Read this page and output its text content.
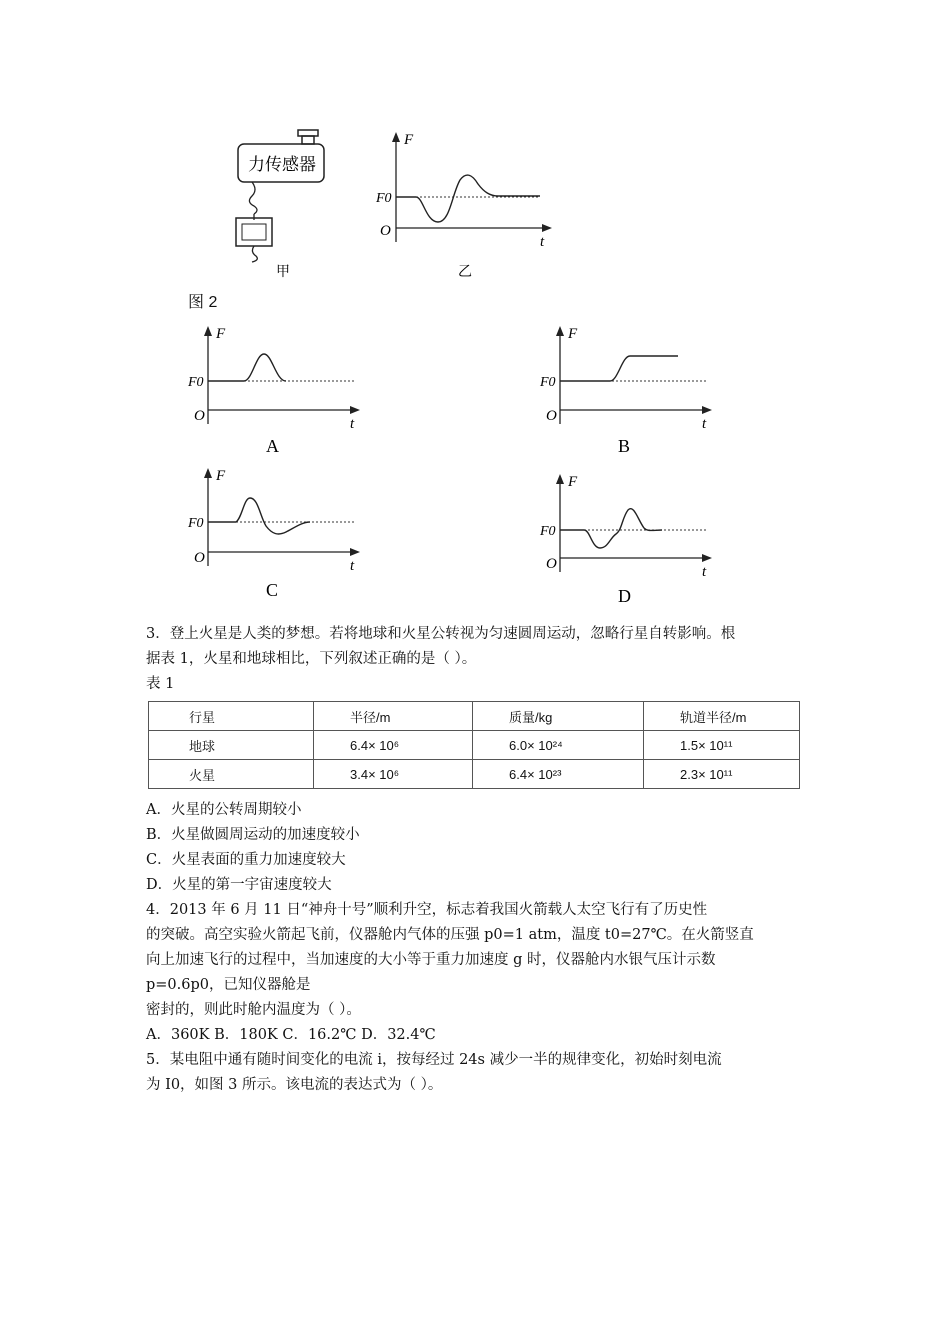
力传感器
甲
F
t
F0
O
乙
图 2
F
t
F0
O
A
F
t
F0
O
B
F
t
F0
O
C
F
t
F0
O
D
3．登上火星是人类的梦想。若将地球和火星公转视为匀速圆周运动，忽略行星自转影响。根
据表 1，火星和地球相比，下列叙述正确的是（ ）。
表 1
行星	半径/m	质量/kg	轨道半径/m
地球	6.4× 10⁶	6.0× 10²⁴	1.5× 10¹¹
火星	3.4× 10⁶	6.4× 10²³	2.3× 10¹¹
A．火星的公转周期较小
B．火星做圆周运动的加速度较小
C．火星表面的重力加速度较大
D．火星的第一宇宙速度较大
4．2013 年 6 月 11 日“神舟十号”顺利升空，标志着我国火箭载人太空飞行有了历史性
的突破。高空实验火箭起飞前，仪器舱内气体的压强 p0=1 atm，温度 t0=27℃。在火箭竖直
向上加速飞行的过程中，当加速度的大小等于重力加速度 g 时，仪器舱内水银气压计示数
p=0.6p0，已知仪器舱是
密封的，则此时舱内温度为（ ）。
A．360K B．180K C．16.2℃ D．32.4℃
5．某电阻中通有随时间变化的电流 i，按每经过 24s 减少一半的规律变化，初始时刻电流
为 I0，如图 3 所示。该电流的表达式为（ ）。
